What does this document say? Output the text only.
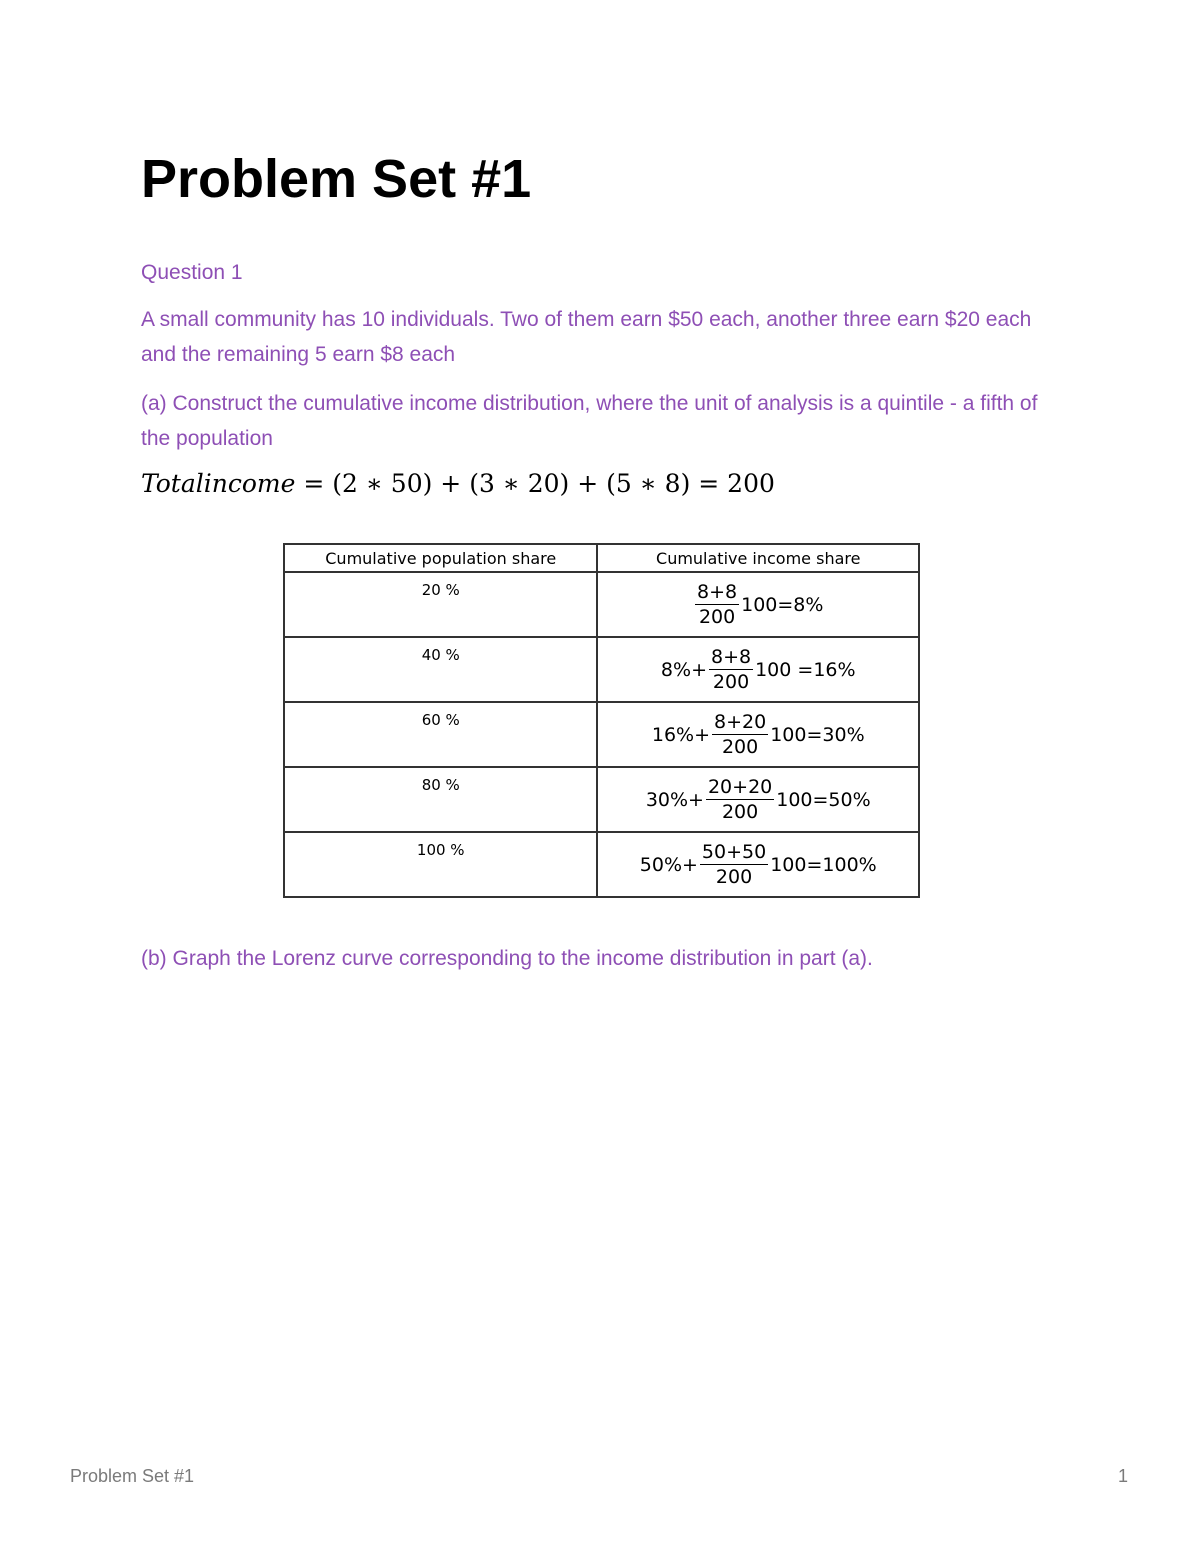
Problem Set #1
Question 1

A small community has 10 individuals. Two of them earn $50 each, another three earn $20 each and the remaining 5 earn $8 each

(a) Construct the cumulative income distribution, where the unit of analysis is a quintile - a fifth of the population

Totalincome = (2 ∗ 50) + (3 ∗ 20) + (5 ∗ 8) = 200
Cumulative population share	Cumulative income share
20 %	$\frac{8+8}{200} 100=8\%$

40 %	$8\%+ \frac{8+8}{200} 100 =16\%$

60 %	$16\%+ \frac{8+20}{200} 100=30\%$

80 %	$30\%+ \frac{20+20}{200} 100=50\%$

100 %	$50\%+ \frac{50+50}{200} 100=100\%$

(b) Graph the Lorenz curve corresponding to the income distribution in part (a).

Problem Set #1	1
